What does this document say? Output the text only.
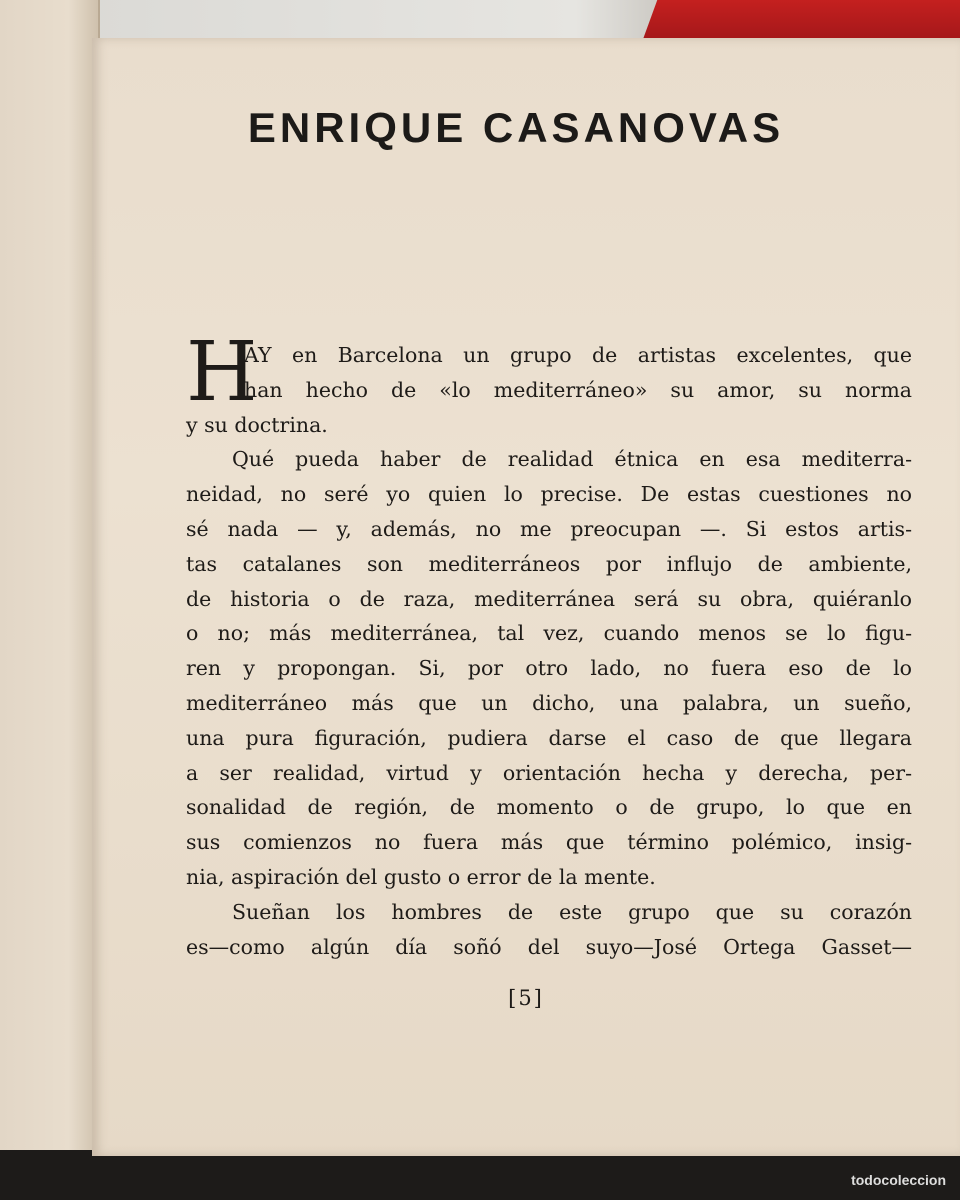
ENRIQUE CASANOVAS
H
AY en Barcelona un grupo de artistas excelentes, que
han hecho de «lo mediterráneo» su amor, su norma
y su doctrina.
Qué pueda haber de realidad étnica en esa mediterra-
neidad, no seré yo quien lo precise. De estas cuestiones no
sé nada — y, además, no me preocupan —. Si estos artis-
tas catalanes son mediterráneos por influjo de ambiente,
de historia o de raza, mediterránea será su obra, quiéranlo
o no; más mediterránea, tal vez, cuando menos se lo figu-
ren y propongan. Si, por otro lado, no fuera eso de lo
mediterráneo más que un dicho, una palabra, un sueño,
una pura figuración, pudiera darse el caso de que llegara
a ser realidad, virtud y orientación hecha y derecha, per-
sonalidad de región, de momento o de grupo, lo que en
sus comienzos no fuera más que término polémico, insig-
nia, aspiración del gusto o error de la mente.
Sueñan los hombres de este grupo que su corazón
es—como algún día soñó del suyo—José Ortega Gasset—
[5]
todocoleccion
